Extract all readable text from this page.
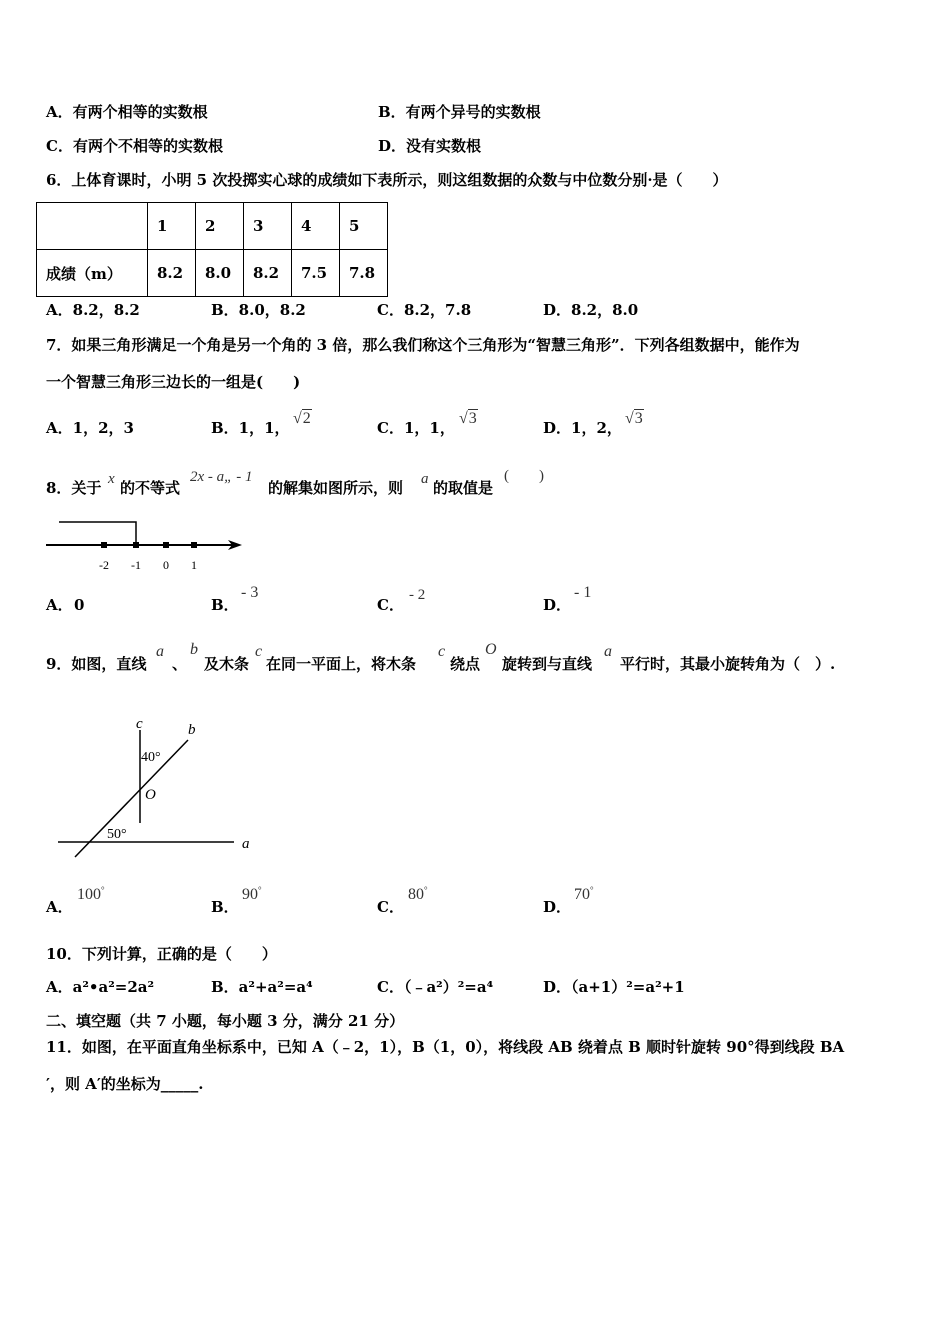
A．有两个相等的实数根	B．有两个异号的实数根
C．有两个不相等的实数根	D．没有实数根
6．上体育课时，小明 5 次投掷实心球的成绩如下表所示，则这组数据的众数与中位数分别·是（　　）
	1	2	3	4	5
成绩（m）	8.2	8.0	8.2	7.5	7.8
A．8.2，8.2	B．8.0，8.2	C．8.2，7.8	D．8.2，8.0
7．如果三角形满足一个角是另一个角的 3 倍，那么我们称这个三角形为“智慧三角形”．下列各组数据中，能作为
一个智慧三角形三边长的一组是(　　)
A．1，2，3	B．1，1，
√2
C．1，1，
√3
D．1，2，
√3
8．关于 x 的不等式
2x - a„ - 1
的解集如图所示，则 a 的取值是
(　　)
-2 -1 0 1
A． 0	B．
- 3
C．
- 2
D．
- 1
9．如图，直线
a
、
b
及木条
c
在同一平面上，将木条
c
绕点
O
旋转到与直线
a
平行时，其最小旋转角为（　）.
c	b
40°
O
50°
a
A．
100°
B．
90°
C．
80°
D．
70°
10．下列计算，正确的是（　　）
A．a²•a²=2a²	B．a²+a²=a⁴	C．（﹣a²）²=a⁴	D．（a+1）²=a²+1
二、填空题（共 7 小题，每小题 3 分，满分 21 分）
11．如图，在平面直角坐标系中，已知 A（﹣2，1），B（1，0），将线段 AB 绕着点 B 顺时针旋转 90°得到线段 BA
′，则 A′的坐标为_____.
